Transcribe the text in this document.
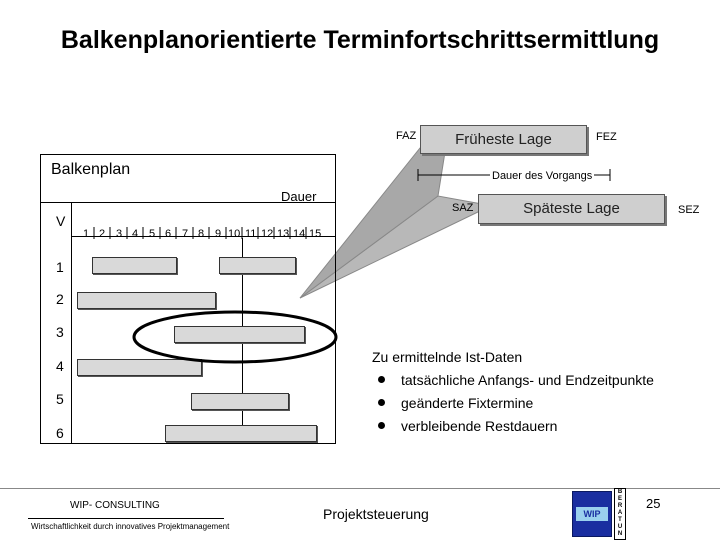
Balkenplanorientierte Terminfortschrittsermittlung
FAZ	Früheste Lage	FEZ
Dauer des Vorgangs
SAZ	Späteste Lage	SEZ
Balkenplan
Dauer
V
1 2 3 4 5 6 7 8 9 10 11 12 13 14 15
1
2
3
4
5
6
Zu ermittelnde Ist-Daten
tatsächliche Anfangs- und Endzeitpunkte
geänderte Fixtermine
verbleibende Restdauern
WIP- CONSULTING
Wirtschaftlichkeit durch innovatives Projektmanagement
Projektsteuerung	WIP
B
E
R
A
T
U
N
25
